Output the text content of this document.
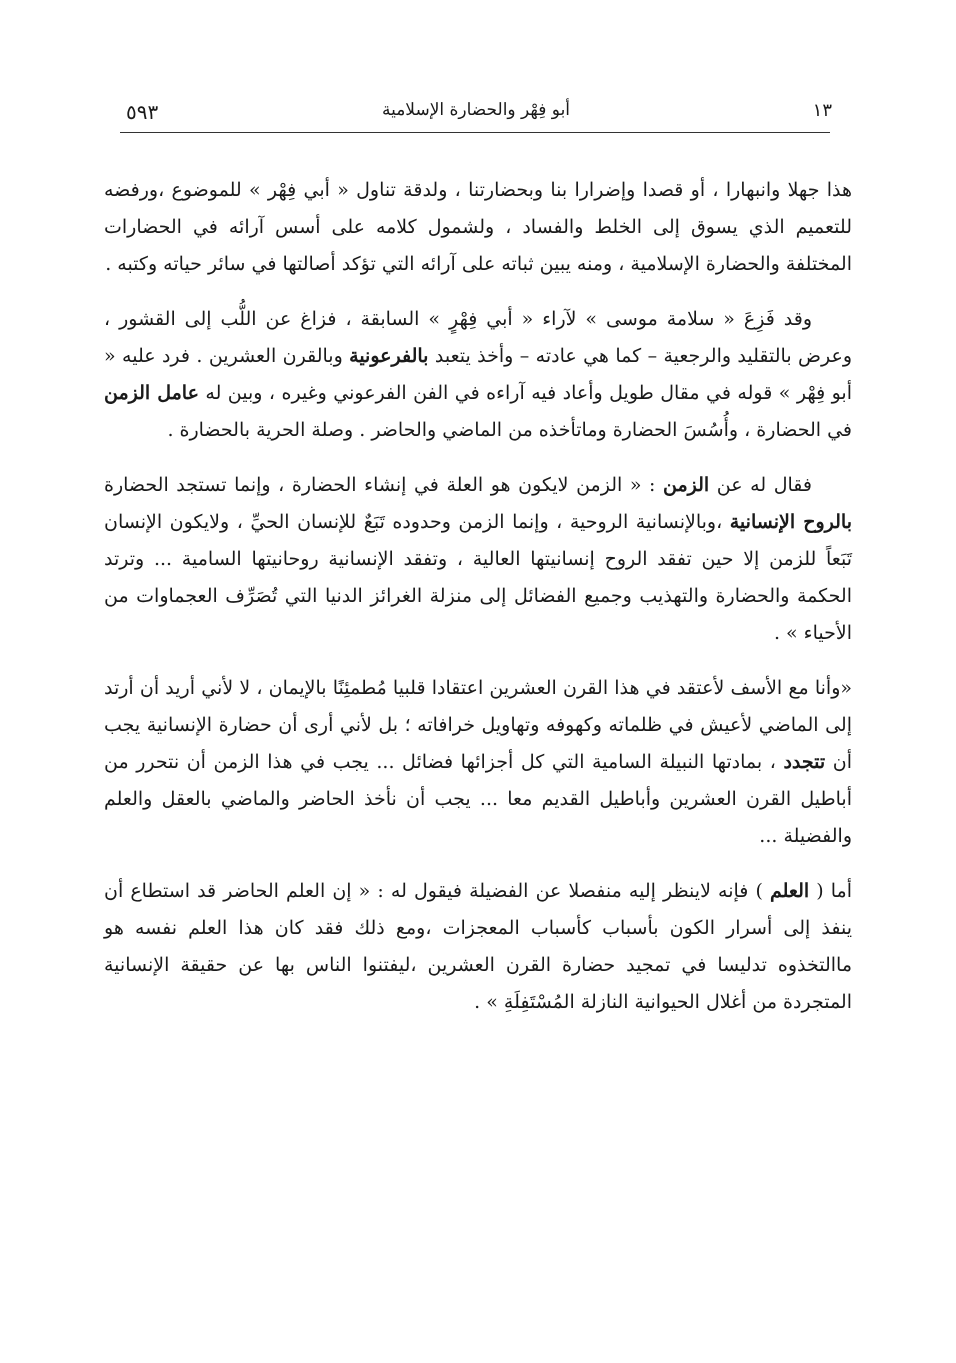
١٣
أبو فِهْر والحضارة الإسلامية
٥٩٣

هذا جهلا وانبهارا ، أو قصدا وإضرارا بنا وبحضارتنا ، ولدقة تناول « أبي فِهْر » للموضوع ،ورفضه للتعميم الذي يسوق إلى الخلط والفساد ، ولشمول كلامه على أسس آرائه في الحضارات المختلفة والحضارة الإسلامية ، ومنه يبين ثباته على آرائه التي تؤكد أصالتها في سائر حياته وكتبه .

وقد فَزِعَ « سلامة موسى » لآراء « أبي فِهْرٍ » السابقة ، فزاغ عن اللُّب إلى القشور ، وعرض بالتقليد والرجعية – كما هي عادته – وأخذ يتعبد بالفرعونية وبالقرن العشرين . فرد عليه « أبو فِهْر » قوله في مقال طويل وأعاد فيه آراءه في الفن الفرعوني وغيره ، وبين له عامل الزمن في الحضارة ، وأُسُسَ الحضارة وماتأخذه من الماضي والحاضر . وصلة الحرية بالحضارة .

فقال له عن الزمن : « الزمن لايكون هو العلة في إنشاء الحضارة ، وإنما تستجد الحضارة بالروح الإنسانية ،وبالإنسانية الروحية ، وإنما الزمن وحدوده تَبَعٌ للإنسان الحيِّ ، ولايكون الإنسان تَبَعاً للزمن إلا حين تفقد الروح إنسانيتها العالية ، وتفقد الإنسانية روحانيتها السامية ... وترتد الحكمة والحضارة والتهذيب وجميع الفضائل إلى منزلة الغرائز الدنيا التي تُصَرِّف العجماوات من الأحياء » .

«وأنا مع الأسف لأعتقد في هذا القرن العشرين اعتقادا قلبيا مُطمئِنًا بالإيمان ، لا لأني أريد أن أرتد إلى الماضي لأعيش في ظلماته وكهوفه وتهاويل خرافاته ؛ بل لأني أرى أن حضارة الإنسانية يجب أن تتجدد ، بمادتها النبيلة السامية التي كل أجزائها فضائل ... يجب في هذا الزمن أن نتحرر من أباطيل القرن العشرين وأباطيل القديم معا ... يجب أن نأخذ الحاضر والماضي بالعقل والعلم والفضيلة ...

أما ( العلم ) فإنه لاينظر إليه منفصلا عن الفضيلة فيقول له : « إن العلم الحاضر قد استطاع أن ينفذ إلى أسرار الكون بأسباب كأسباب المعجزات ،ومع ذلك فقد كان هذا العلم نفسه هو ماالتخذوه تدليسا في تمجيد حضارة القرن العشرين ،ليفتنوا الناس بها عن حقيقة الإنسانية المتجردة من أغلال الحيوانية النازلة المُسْتَفِلَةِ » .
